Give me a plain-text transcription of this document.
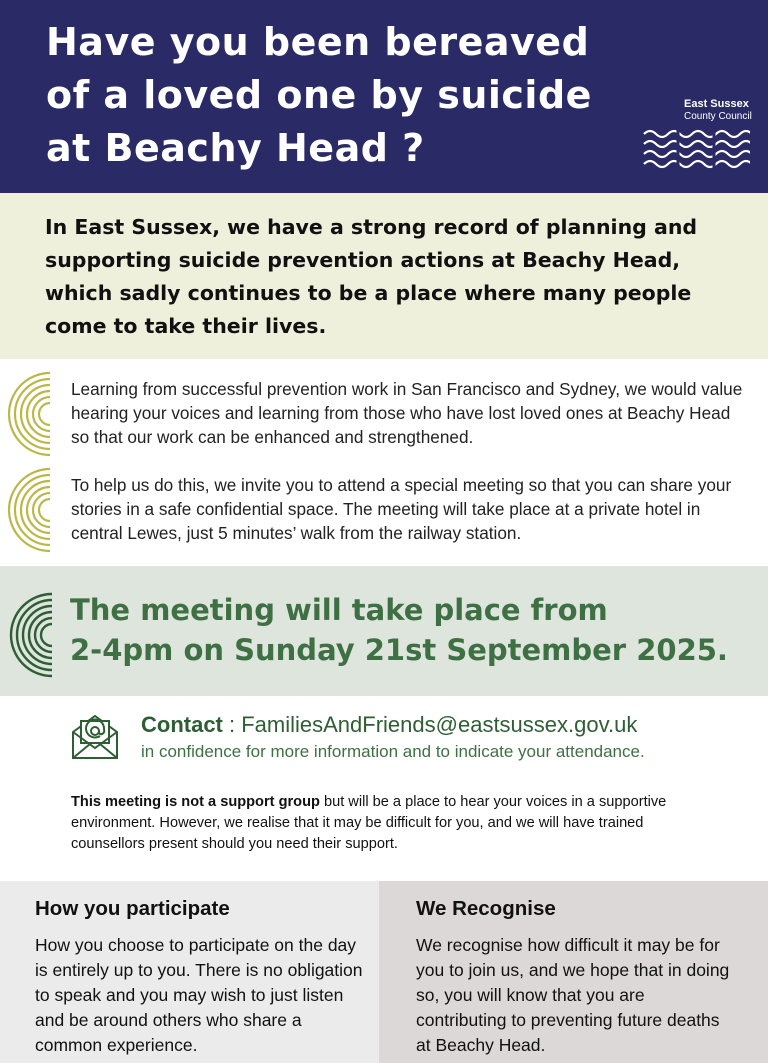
Have you been bereaved of a loved one by suicide at Beachy Head ?
East Sussex
County Council

In East Sussex, we have a strong record of planning and supporting suicide prevention actions at Beachy Head, which sadly continues to be a place where many people come to take their lives.

Learning from successful prevention work in San Francisco and Sydney, we would value hearing your voices and learning from those who have lost loved ones at Beachy Head so that our work can be enhanced and strengthened.

To help us do this, we invite you to attend a special meeting so that you can share your stories in a safe confidential space. The meeting will take place at a private hotel in central Lewes, just 5 minutes’ walk from the railway station.

The meeting will take place from
2-4pm on Sunday 21st September 2025.
Contact : FamiliesAndFriends@eastsussex.gov.uk
in confidence for more information and to indicate your attendance.

This meeting is not a support group but will be a place to hear your voices in a supportive environment. However, we realise that it may be difficult for you, and we will have trained counsellors present should you need their support.

How you participate

How you choose to participate on the day is entirely up to you. There is no obligation to speak and you may wish to just listen and be around others who share a common experience.

We Recognise

We recognise how difficult it may be for you to join us, and we hope that in doing so, you will know that you are contributing to preventing future deaths at Beachy Head.
